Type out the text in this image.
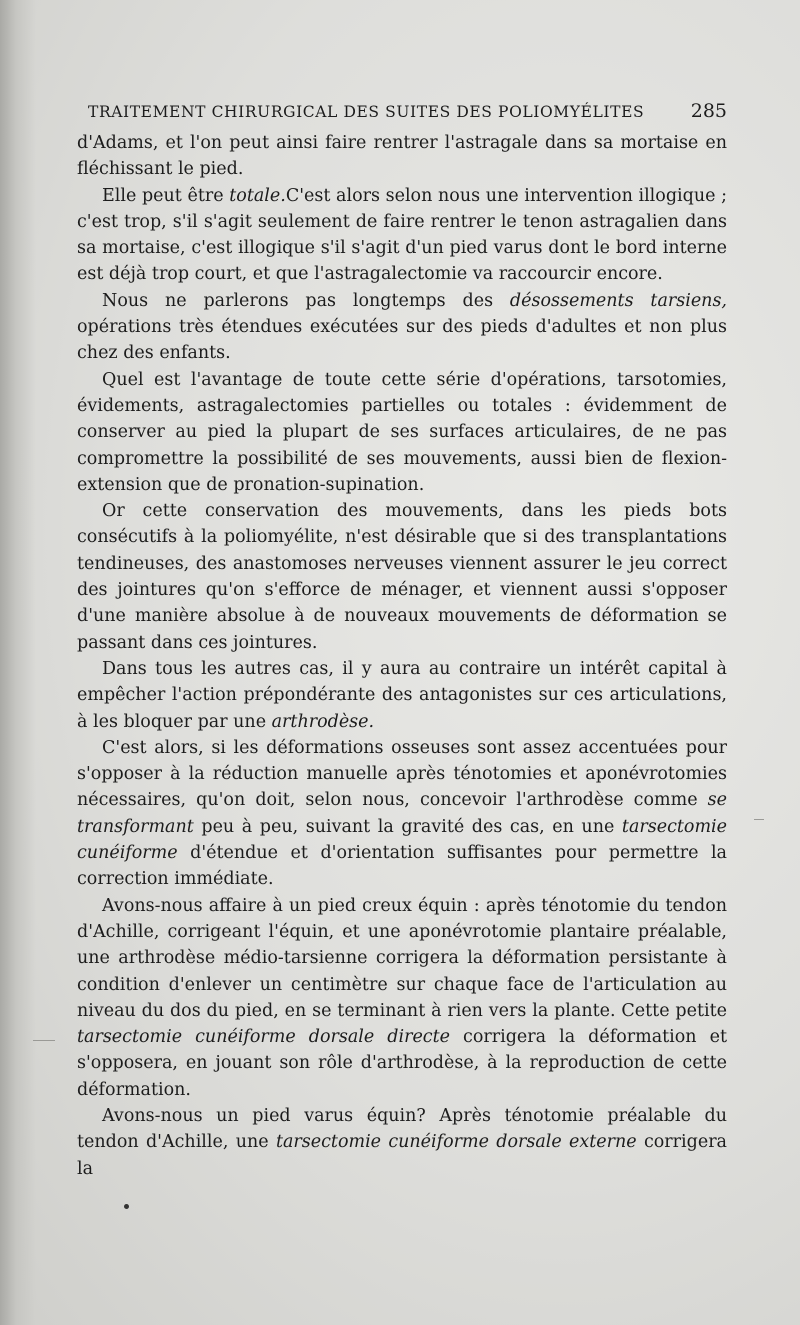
TRAITEMENT CHIRURGICAL DES SUITES DES POLIOMYÉLITES 285

d'Adams, et l'on peut ainsi faire rentrer l'astragale dans sa mortaise en fléchissant le pied.

Elle peut être totale.C'est alors selon nous une intervention illogique ; c'est trop, s'il s'agit seulement de faire rentrer le tenon astragalien dans sa mortaise, c'est illogique s'il s'agit d'un pied varus dont le bord interne est déjà trop court, et que l'astragalectomie va raccourcir encore.

Nous ne parlerons pas longtemps des désossements tarsiens, opérations très étendues exécutées sur des pieds d'adultes et non plus chez des enfants.

Quel est l'avantage de toute cette série d'opérations, tarsotomies, évidements, astragalectomies partielles ou totales : évidemment de conserver au pied la plupart de ses surfaces articulaires, de ne pas compromettre la possibilité de ses mouvements, aussi bien de flexion-extension que de pronation-supination.

Or cette conservation des mouvements, dans les pieds bots consécutifs à la poliomyélite, n'est désirable que si des transplantations tendineuses, des anastomoses nerveuses viennent assurer le jeu correct des jointures qu'on s'efforce de ménager, et viennent aussi s'opposer d'une manière absolue à de nouveaux mouvements de déformation se passant dans ces jointures.

Dans tous les autres cas, il y aura au contraire un intérêt capital à empêcher l'action prépondérante des antagonistes sur ces articulations, à les bloquer par une arthrodèse.

C'est alors, si les déformations osseuses sont assez accentuées pour s'opposer à la réduction manuelle après ténotomies et aponévrotomies nécessaires, qu'on doit, selon nous, concevoir l'arthrodèse comme se transformant peu à peu, suivant la gravité des cas, en une tarsectomie cunéiforme d'étendue et d'orientation suffisantes pour permettre la correction immédiate.

Avons-nous affaire à un pied creux équin : après ténotomie du tendon d'Achille, corrigeant l'équin, et une aponévrotomie plantaire préalable, une arthrodèse médio-tarsienne corrigera la déformation persistante à condition d'enlever un centimètre sur chaque face de l'articulation au niveau du dos du pied, en se terminant à rien vers la plante. Cette petite tarsectomie cunéiforme dorsale directe corrigera la déformation et s'opposera, en jouant son rôle d'arthrodèse, à la reproduction de cette déformation.

Avons-nous un pied varus équin? Après ténotomie préalable du tendon d'Achille, une tarsectomie cunéiforme dorsale externe corrigera la
